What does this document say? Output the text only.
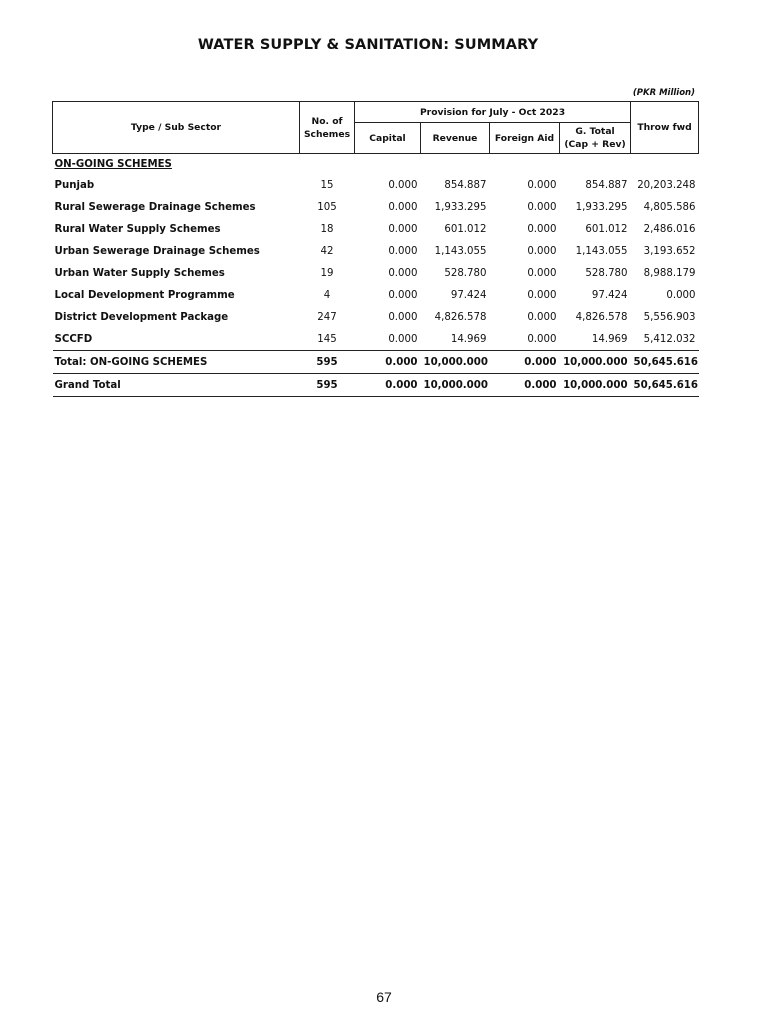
WATER SUPPLY & SANITATION: SUMMARY
(PKR Million)
Type / Sub Sector	No. of Schemes	Provision for July - Oct 2023				Throw fwd
		Capital	Revenue	Foreign Aid	G. Total (Cap + Rev)	
ON-GOING SCHEMES						
Punjab	15	0.000	854.887	0.000	854.887	20,203.248
Rural Sewerage Drainage Schemes	105	0.000	1,933.295	0.000	1,933.295	4,805.586
Rural Water Supply Schemes	18	0.000	601.012	0.000	601.012	2,486.016
Urban Sewerage Drainage Schemes	42	0.000	1,143.055	0.000	1,143.055	3,193.652
Urban Water Supply Schemes	19	0.000	528.780	0.000	528.780	8,988.179
Local Development Programme	4	0.000	97.424	0.000	97.424	0.000
District Development Package	247	0.000	4,826.578	0.000	4,826.578	5,556.903
SCCFD	145	0.000	14.969	0.000	14.969	5,412.032
Total: ON-GOING SCHEMES	595	0.000	10,000.000	0.000	10,000.000	50,645.616
Grand Total	595	0.000	10,000.000	0.000	10,000.000	50,645.616
67
